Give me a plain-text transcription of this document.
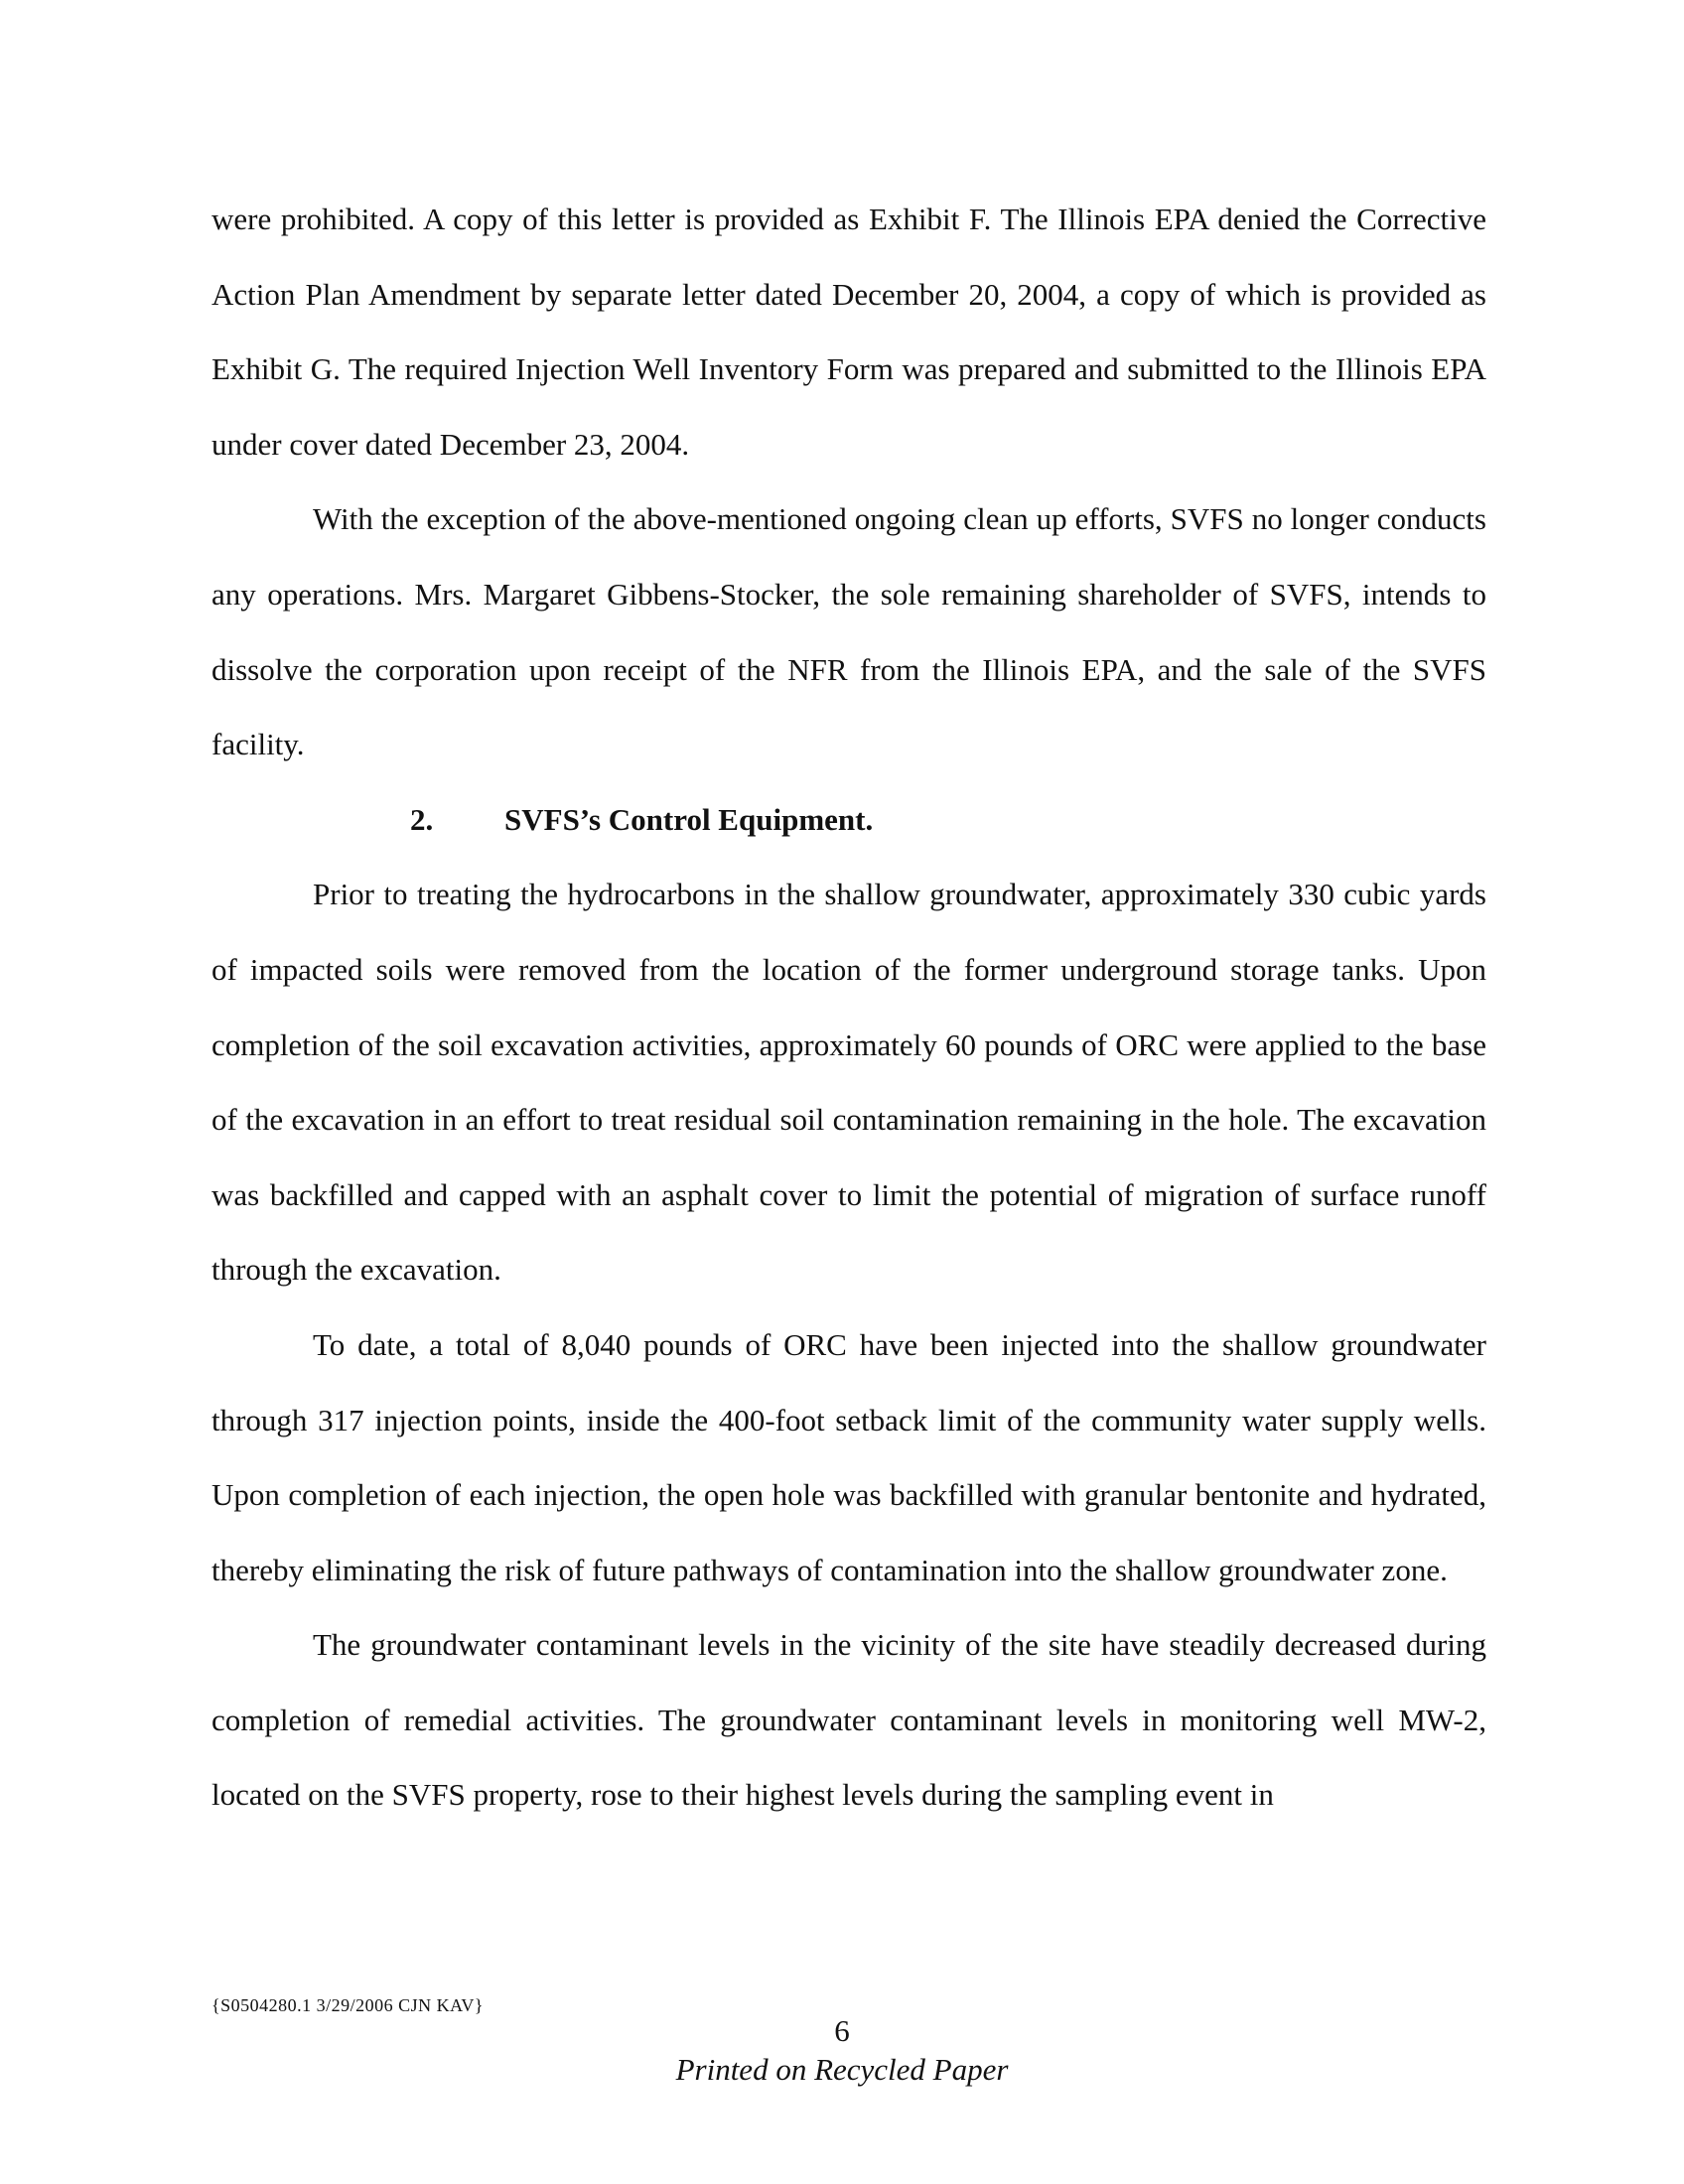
were prohibited. A copy of this letter is provided as Exhibit F. The Illinois EPA denied the Corrective Action Plan Amendment by separate letter dated December 20, 2004, a copy of which is provided as Exhibit G. The required Injection Well Inventory Form was prepared and submitted to the Illinois EPA under cover dated December 23, 2004.

With the exception of the above-mentioned ongoing clean up efforts, SVFS no longer conducts any operations. Mrs. Margaret Gibbens-Stocker, the sole remaining shareholder of SVFS, intends to dissolve the corporation upon receipt of the NFR from the Illinois EPA, and the sale of the SVFS facility.

2. SVFS’s Control Equipment.

Prior to treating the hydrocarbons in the shallow groundwater, approximately 330 cubic yards of impacted soils were removed from the location of the former underground storage tanks. Upon completion of the soil excavation activities, approximately 60 pounds of ORC were applied to the base of the excavation in an effort to treat residual soil contamination remaining in the hole. The excavation was backfilled and capped with an asphalt cover to limit the potential of migration of surface runoff through the excavation.

To date, a total of 8,040 pounds of ORC have been injected into the shallow groundwater through 317 injection points, inside the 400-foot setback limit of the community water supply wells. Upon completion of each injection, the open hole was backfilled with granular bentonite and hydrated, thereby eliminating the risk of future pathways of contamination into the shallow groundwater zone.

The groundwater contaminant levels in the vicinity of the site have steadily decreased during completion of remedial activities. The groundwater contaminant levels in monitoring well MW-2, located on the SVFS property, rose to their highest levels during the sampling event in

{S0504280.1 3/29/2006 CJN KAV}
6
Printed on Recycled Paper
